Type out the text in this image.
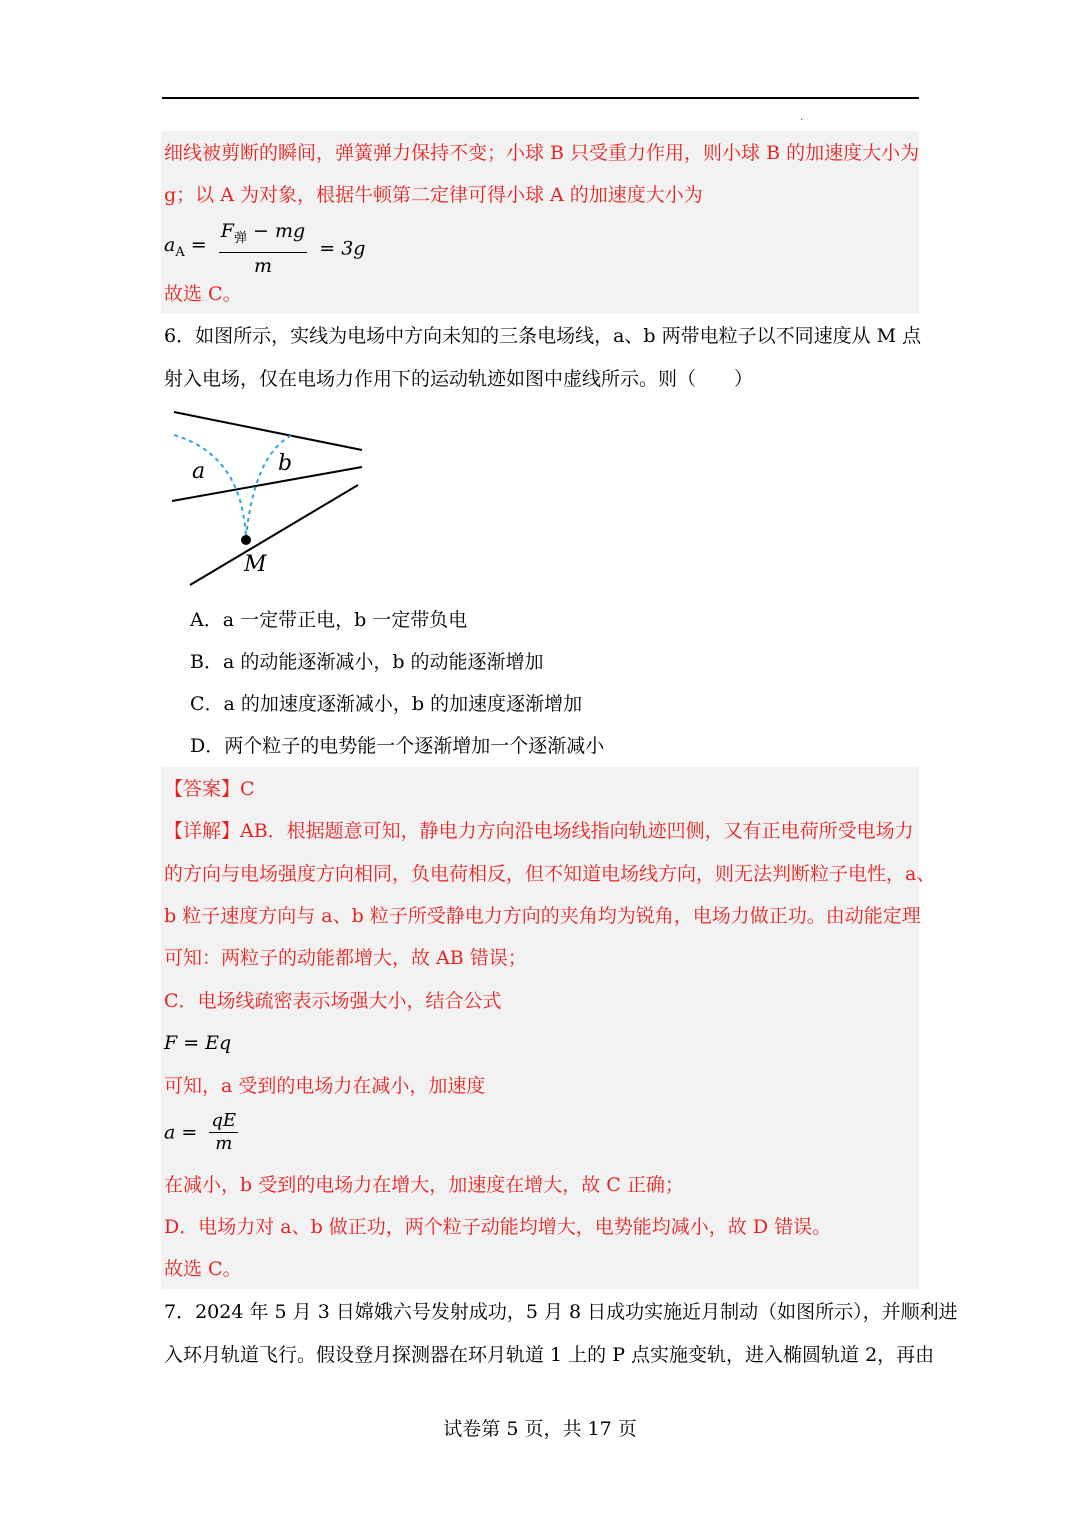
.
细线被剪断的瞬间，弹簧弹力保持不变；小球 B 只受重力作用，则小球 B 的加速度大小为
g；以 A 为对象，根据牛顿第二定律可得小球 A 的加速度大小为
$a_A = \frac{F_弹 - mg}{m} = 3g$
故选 C。
6．如图所示，实线为电场中方向未知的三条电场线，a、b 两带电粒子以不同速度从 M 点
射入电场，仅在电场力作用下的运动轨迹如图中虚线所示。则（　　）
a	b
M
A．a 一定带正电，b 一定带负电
B．a 的动能逐渐减小，b 的动能逐渐增加
C．a 的加速度逐渐减小，b 的加速度逐渐增加
D．两个粒子的电势能一个逐渐增加一个逐渐减小
【答案】C
【详解】AB．根据题意可知，静电力方向沿电场线指向轨迹凹侧，又有正电荷所受电场力
的方向与电场强度方向相同，负电荷相反，但不知道电场线方向，则无法判断粒子电性，a、
b 粒子速度方向与 a、b 粒子所受静电力方向的夹角均为锐角，电场力做正功。由动能定理
可知：两粒子的动能都增大，故 AB 错误；
C．电场线疏密表示场强大小，结合公式
F = Eq
可知，a 受到的电场力在减小，加速度
$a = \frac{qE}{m}$
在减小，b 受到的电场力在增大，加速度在增大，故 C 正确；
D．电场力对 a、b 做正功，两个粒子动能均增大，电势能均减小，故 D 错误。
故选 C。
7．2024 年 5 月 3 日嫦娥六号发射成功，5 月 8 日成功实施近月制动（如图所示），并顺利进
入环月轨道飞行。假设登月探测器在环月轨道 1 上的 P 点实施变轨，进入椭圆轨道 2，再由
试卷第 5 页，共 17 页
